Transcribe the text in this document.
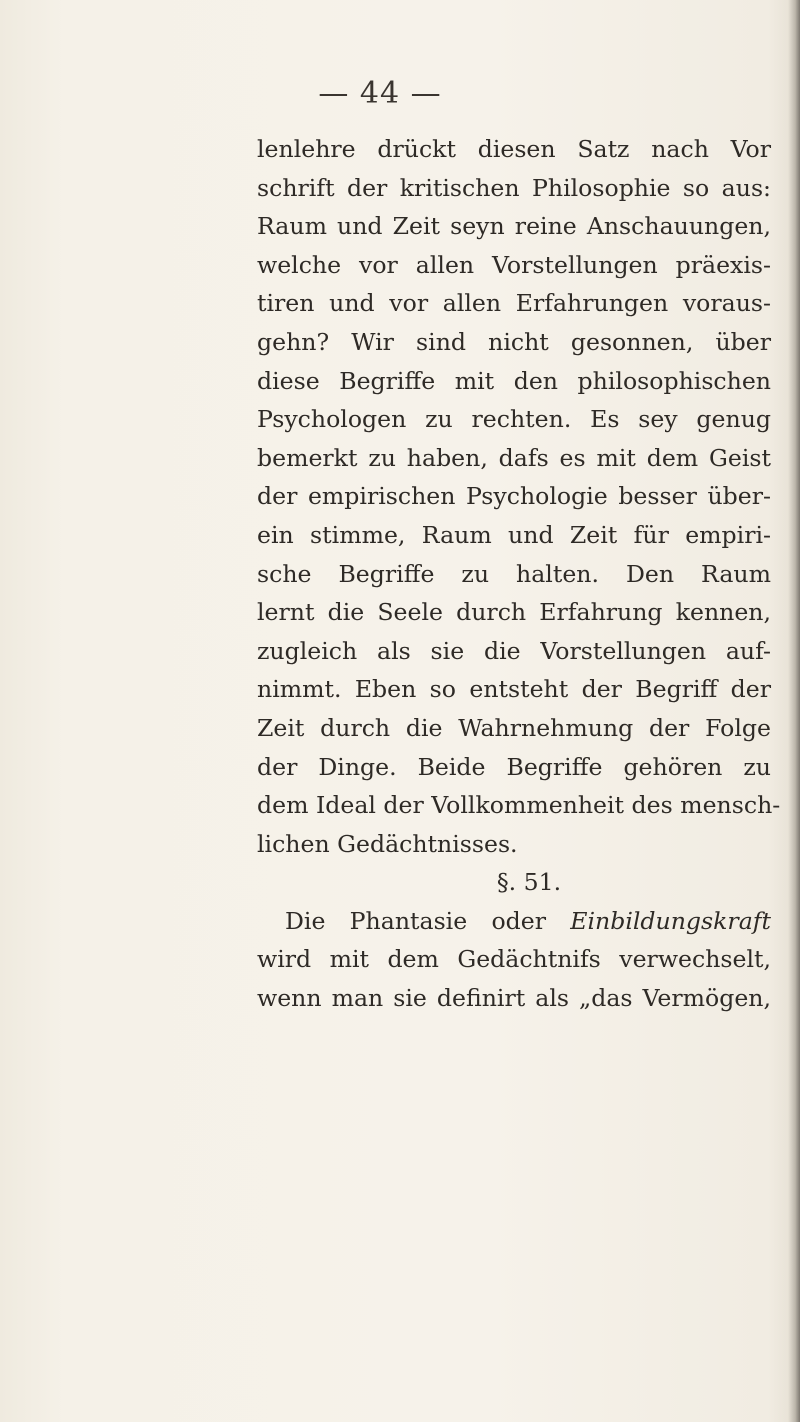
— 44 —
lenlehre drückt diesen Satz nach Vor
schrift der kritischen Philosophie so aus:
Raum und Zeit seyn reine Anschauungen,
welche vor allen Vorstellungen präexis-
tiren und vor allen Erfahrungen voraus-
gehn? Wir sind nicht gesonnen, über
diese Begriffe mit den philosophischen
Psychologen zu rechten. Es sey genug
bemerkt zu haben, dafs es mit dem Geist
der empirischen Psychologie besser über-
ein stimme, Raum und Zeit für empiri-
sche Begriffe zu halten. Den Raum
lernt die Seele durch Erfahrung kennen,
zugleich als sie die Vorstellungen auf-
nimmt. Eben so entsteht der Begriff der
Zeit durch die Wahrnehmung der Folge
der Dinge. Beide Begriffe gehören zu
dem Ideal der Vollkommenheit des mensch-
lichen Gedächtnisses.
§. 51.
Die Phantasie oder Einbildungskraft
wird mit dem Gedächtnifs verwechselt,
wenn man sie definirt als „das Vermögen,
